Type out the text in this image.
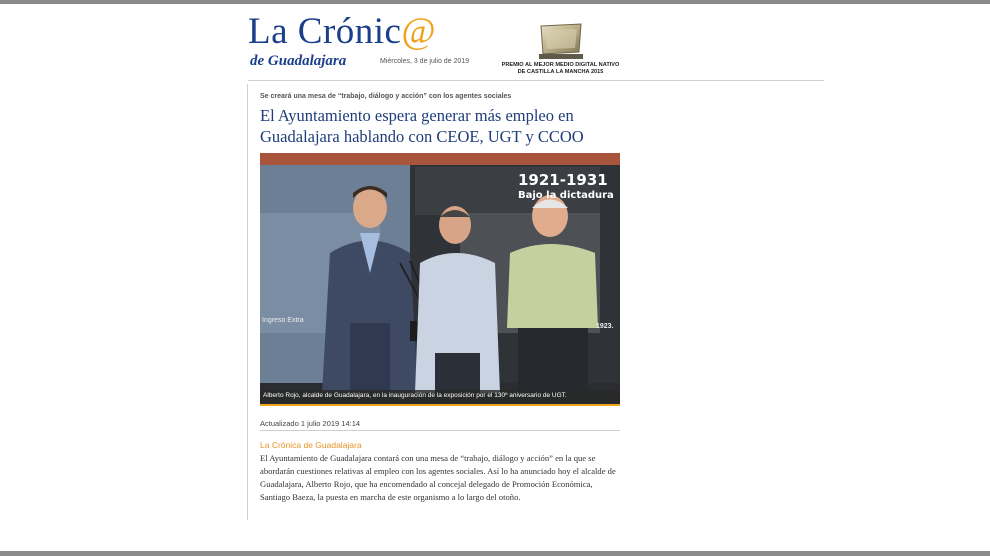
La Crónic@
de Guadalajara	Miércoles, 3 de julio de 2019	PREMIO AL MEJOR MEDIO DIGITAL NATIVO
DE CASTILLA LA MANCHA 2015
Se creará una mesa de “trabajo, diálogo y acción” con los agentes sociales
El Ayuntamiento espera generar más empleo en Guadalajara hablando con CEOE, UGT y CCOO
1921-1931
Bajo la dictadura
Ingreso Extra
1923.
Alberto Rojo, alcalde de Guadalajara, en la inauguración de la exposición por el 130º aniversario de UGT.
Actualizado 1 julio 2019 14:14
La Crónica de Guadalajara

El Ayuntamiento de Guadalajara contará con una mesa de “trabajo, diálogo y acción” en la que se abordarán cuestiones relativas al empleo con los agentes sociales. Así lo ha anunciado hoy el alcalde de Guadalajara, Alberto Rojo, que ha encomendado al concejal delegado de Promoción Económica, Santiago Baeza, la puesta en marcha de este organismo a lo largo del otoño.
